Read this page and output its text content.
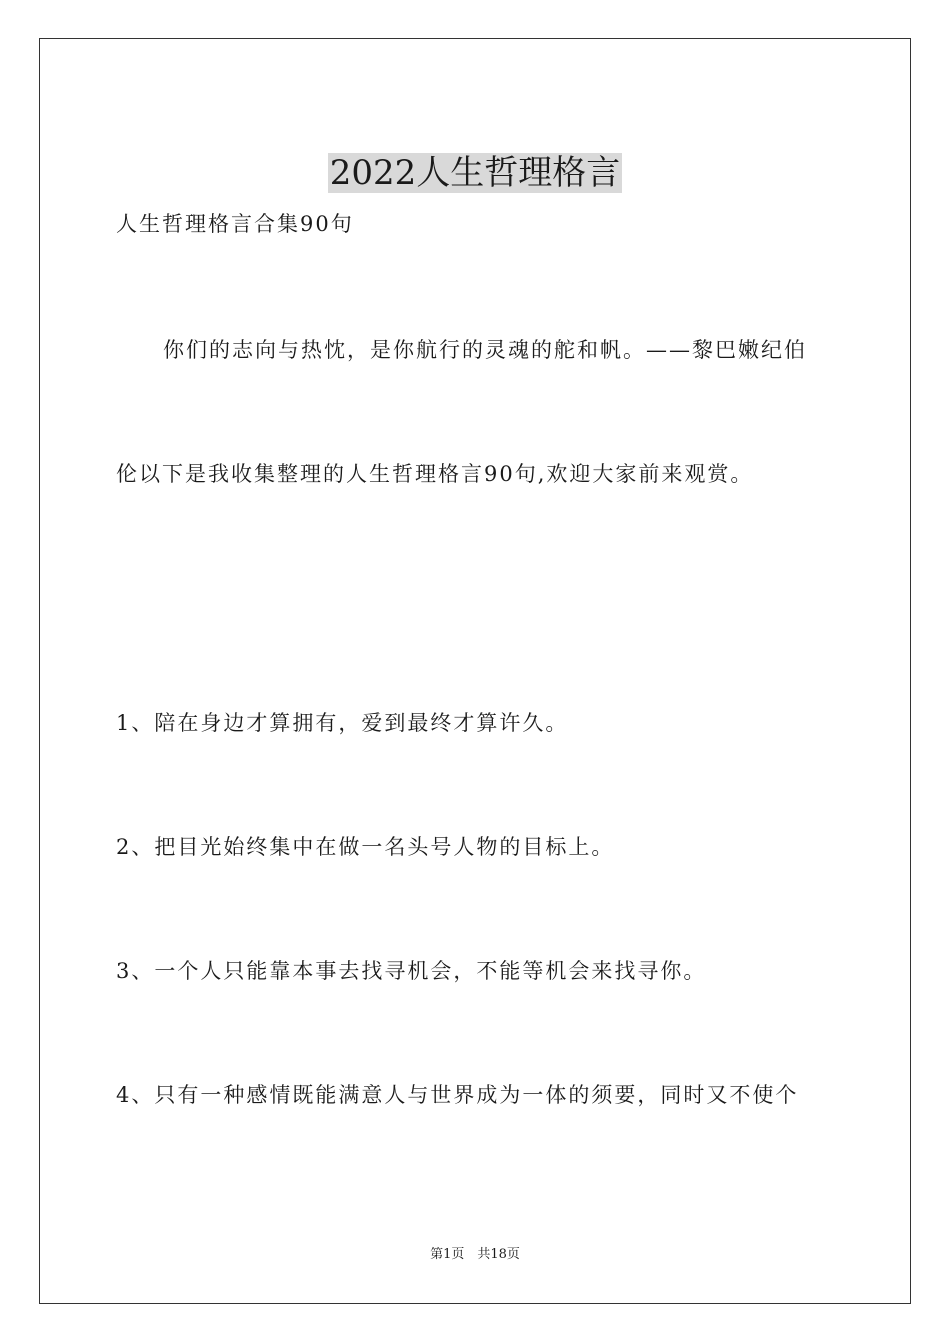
2022人生哲理格言
人生哲理格言合集90句
你们的志向与热忱，是你航行的灵魂的舵和帆。——黎巴嫩纪伯
伦以下是我收集整理的人生哲理格言90句,欢迎大家前来观赏。
1、陪在身边才算拥有，爱到最终才算许久。
2、把目光始终集中在做一名头号人物的目标上。
3、一个人只能靠本事去找寻机会，不能等机会来找寻你。
4、只有一种感情既能满意人与世界成为一体的须要，同时又不使个
第1页　共18页
